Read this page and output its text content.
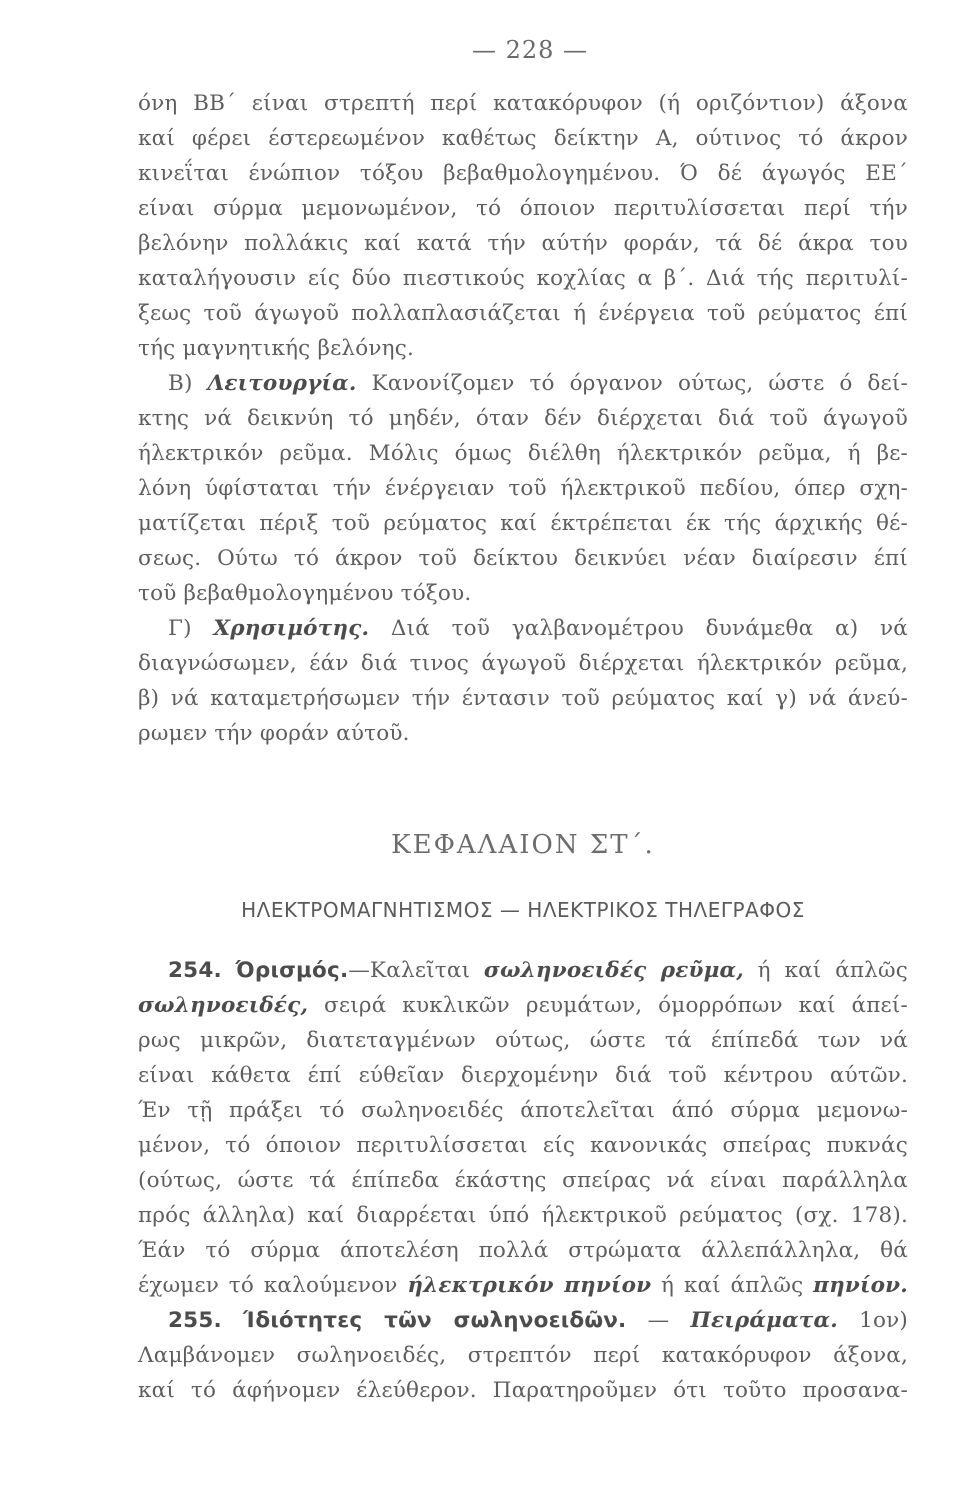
— 228 —
όνη ΒΒ΄ είναι στρεπτή περί κατακόρυφον (ή οριζόντιον) άξονα
καί φέρει έστερεωμένον καθέτως δείκτην Α, ούτινος τό άκρον
κινεΐται ένώπιον τόξου βεβαθμολογημένου. Ό δέ άγωγός ΕΕ΄
είναι σύρμα μεμονωμένον, τό όποιον περιτυλίσσεται περί τήν
βελόνην πολλάκις καί κατά τήν αύτήν φοράν, τά δέ άκρα του
καταλήγουσιν είς δύο πιεστικούς κοχλίας α β΄. Διά τής περιτυλί-
ξεως τοῦ άγωγοῦ πολλαπλασιάζεται ή ένέργεια τοῦ ρεύματος έπί
τής μαγνητικής βελόνης.
Β) Λειτουργία. Κανονίζομεν τό όργανον ούτως, ώστε ό δεί-
κτης νά δεικνύη τό μηδέν, όταν δέν διέρχεται διά τοῦ άγωγοῦ
ήλεκτρικόν ρεῦμα. Μόλις όμως διέλθη ήλεκτρικόν ρεῦμα, ή βε-
λόνη ύφίσταται τήν ένέργειαν τοῦ ήλεκτρικοῦ πεδίου, όπερ σχη-
ματίζεται πέριξ τοῦ ρεύματος καί έκτρέπεται έκ τής άρχικής θέ-
σεως. Ούτω τό άκρον τοῦ δείκτου δεικνύει νέαν διαίρεσιν έπί
τοῦ βεβαθμολογημένου τόξου.
Γ) Χρησιμότης. Διά τοῦ γαλβανομέτρου δυνάμεθα α) νά
διαγνώσωμεν, έάν διά τινος άγωγοῦ διέρχεται ήλεκτρικόν ρεῦμα,
β) νά καταμετρήσωμεν τήν έντασιν τοῦ ρεύματος καί γ) νά άνεύ-
ρωμεν τήν φοράν αύτοῦ.
ΚΕΦΑΛΑΙΟΝ ΣΤ΄.
ΗΛΕΚΤΡΟΜΑΓΝΗΤΙΣΜΟΣ — ΗΛΕΚΤΡΙΚΟΣ ΤΗΛΕΓΡΑΦΟΣ
254. Όρισμός.—Καλεῖται σωληνοειδές ρεῦμα, ή καί άπλῶς
σωληνοειδές, σειρά κυκλικῶν ρευμάτων, όμορρόπων καί άπεί-
ρως μικρῶν, διατεταγμένων ούτως, ώστε τά έπίπεδά των νά
είναι κάθετα έπί εύθεῖαν διερχομένην διά τοῦ κέντρου αύτῶν.
Έν τῇ πράξει τό σωληνοειδές άποτελεῖται άπό σύρμα μεμονω-
μένον, τό όποιον περιτυλίσσεται είς κανονικάς σπείρας πυκνάς
(ούτως, ώστε τά έπίπεδα έκάστης σπείρας νά είναι παράλληλα
πρός άλληλα) καί διαρρέεται ύπό ήλεκτρικοῦ ρεύματος (σχ. 178).
Έάν τό σύρμα άποτελέση πολλά στρώματα άλλεπάλληλα, θά
έχωμεν τό καλούμενον ήλεκτρικόν πηνίον ή καί άπλῶς πηνίον.
255. Ίδιότητες τῶν σωληνοειδῶν. — Πειράματα. 1ον)
Λαμβάνομεν σωληνοειδές, στρεπτόν περί κατακόρυφον άξονα,
καί τό άφήνομεν έλεύθερον. Παρατηροῦμεν ότι τοῦτο προσανα-
